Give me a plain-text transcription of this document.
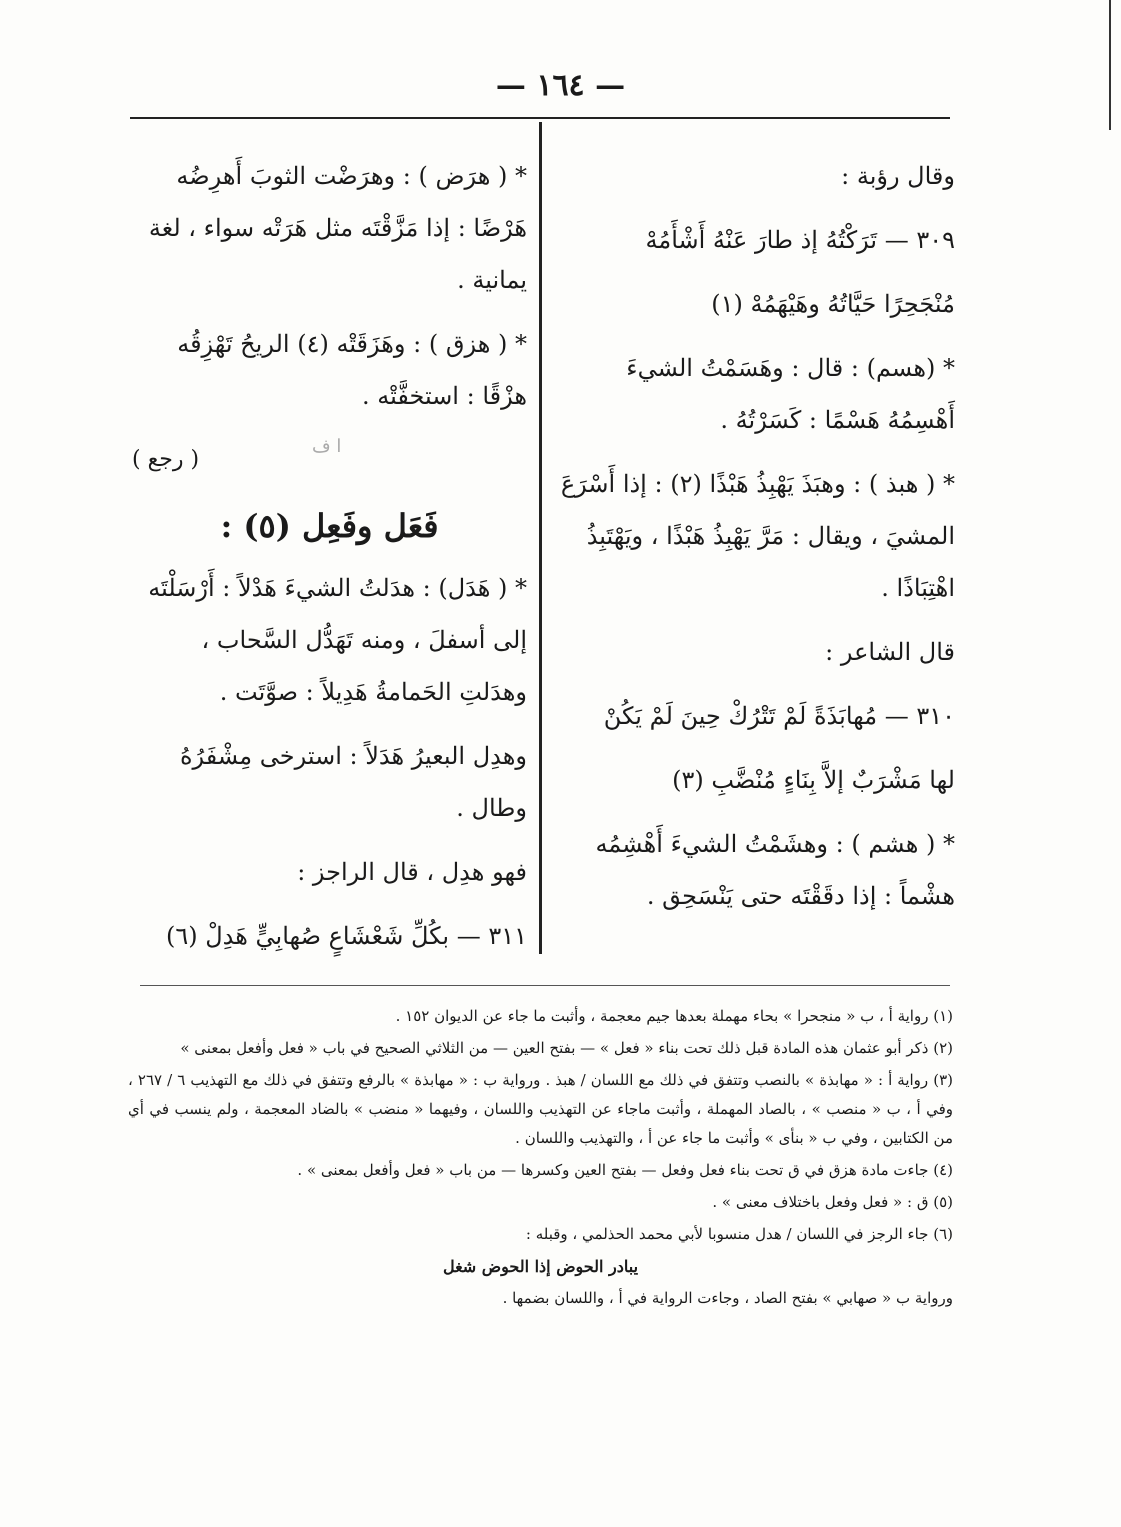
— ١٦٤ —

وقال رؤبة :

٣٠٩ — تَرَكْتُهُ إذ طارَ عَنْهُ أَشْأَمُهْ

مُنْجَحِرًا حَيَّاتُهُ وهَيْهَمُهْ (١)

* (هسم) : قال : وهَسَمْتُ الشيءَ أَهْسِمُهُ هَسْمًا : كَسَرْتُهُ .

* ( هبذ ) : وهبَذَ يَهْبِذُ هَبْذًا (٢) : إذا أَسْرَعَ المشيَ ، ويقال : مَرَّ يَهْبِذُ هَبْذًا ، ويَهْتَبِذُ اهْتِبَاذًا .

قال الشاعر :

٣١٠ — مُهابَذَةً لَمْ تَتْرُكْ حِينَ لَمْ يَكُنْ

لها مَشْرَبٌ إلاَّ بِنَاءٍ مُنْضَّبِ (٣)

* ( هشم ) : وهشَمْتُ الشيءَ أَهْشِمُه هشْماً : إذا دقَقْتَه حتى يَنْسَحِق .

* ( هرَض ) : وهرَضْت الثوبَ أَهرِضُه هَرْضًا : إذا مَزَّقْتَه مثل هَرَتْه سواء ، لغة يمانية .

* ( هزق ) : وهَزَقَتْه (٤) الريحُ تَهْزِقُه هزْقًا : استخفَّتْه .

( رجع )

فَعَل وفَعِل (٥) :

* ( هَدَل) : هدَلتُ الشيءَ هَدْلاً : أَرْسَلْتَه إلى أسفلَ ، ومنه تَهَدُّل السَّحاب ، وهدَلتِ الحَمامةُ هَدِيلاً : صوَّتَت .

وهدِل البعيرُ هَدَلاً : استرخى مِشْفَرُهُ وطال .

فهو هدِل ، قال الراجز :

٣١١ — بكُلِّ شَعْشَاعٍ صُهابِيٍّ هَدِلْ (٦)

ا ف

(١) رواية أ ، ب « منجحرا » بحاء مهملة بعدها جيم معجمة ، وأثبت ما جاء عن الديوان ١٥٢ .

(٢) ذكر أبو عثمان هذه المادة قبل ذلك تحت بناء « فعل » — بفتح العين — من الثلاثي الصحيح في باب « فعل وأفعل بمعنى »

(٣) رواية أ : « مهابذة » بالنصب وتتفق في ذلك مع اللسان / هبذ . ورواية ب : « مهابذة » بالرفع وتتفق في ذلك مع التهذيب ٦ / ٢٦٧ ، وفي أ ، ب « منصب » ، بالصاد المهملة ، وأثبت ماجاء عن التهذيب واللسان ، وفيهما « منضب » بالضاد المعجمة ، ولم ينسب في أي من الكتابين ، وفي ب « بنأى » وأثبت ما جاء عن أ ، والتهذيب واللسان .

(٤) جاءت مادة هزق في ق تحت بناء فعل وفعل — بفتح العين وكسرها — من باب « فعل وأفعل بمعنى » .

(٥) ق : « فعل وفعل باختلاف معنى » .

(٦) جاء الرجز في اللسان / هدل منسوبا لأبي محمد الحذلمي ، وقبله :

يبادر الحوض إذا الحوض شغل

ورواية ب « صهابي » بفتح الصاد ، وجاءت الرواية في أ ، واللسان بضمها .
